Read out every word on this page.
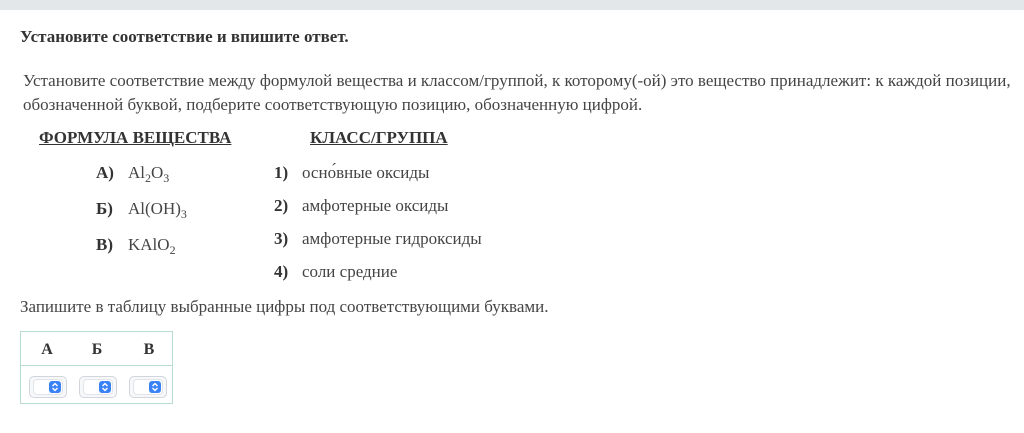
Установите соответствие и впишите ответ.
Установите соответствие между формулой вещества и классом/группой, к которому(-ой) это вещество принадлежит: к каждой позиции, обозначенной буквой, подберите соответствующую позицию, обозначенную цифрой.
ФОРМУЛА ВЕЩЕСТВА	КЛАСС/ГРУППА
А) $Al_2O_3$
Б) $Al(OH)_3$
В) KAlO$_2$
1) осно́вные оксиды
2) амфотерные оксиды
3) амфотерные гидроксиды
4) соли средние
Запишите в таблицу выбранные цифры под соответствующими буквами.
А Б	В
